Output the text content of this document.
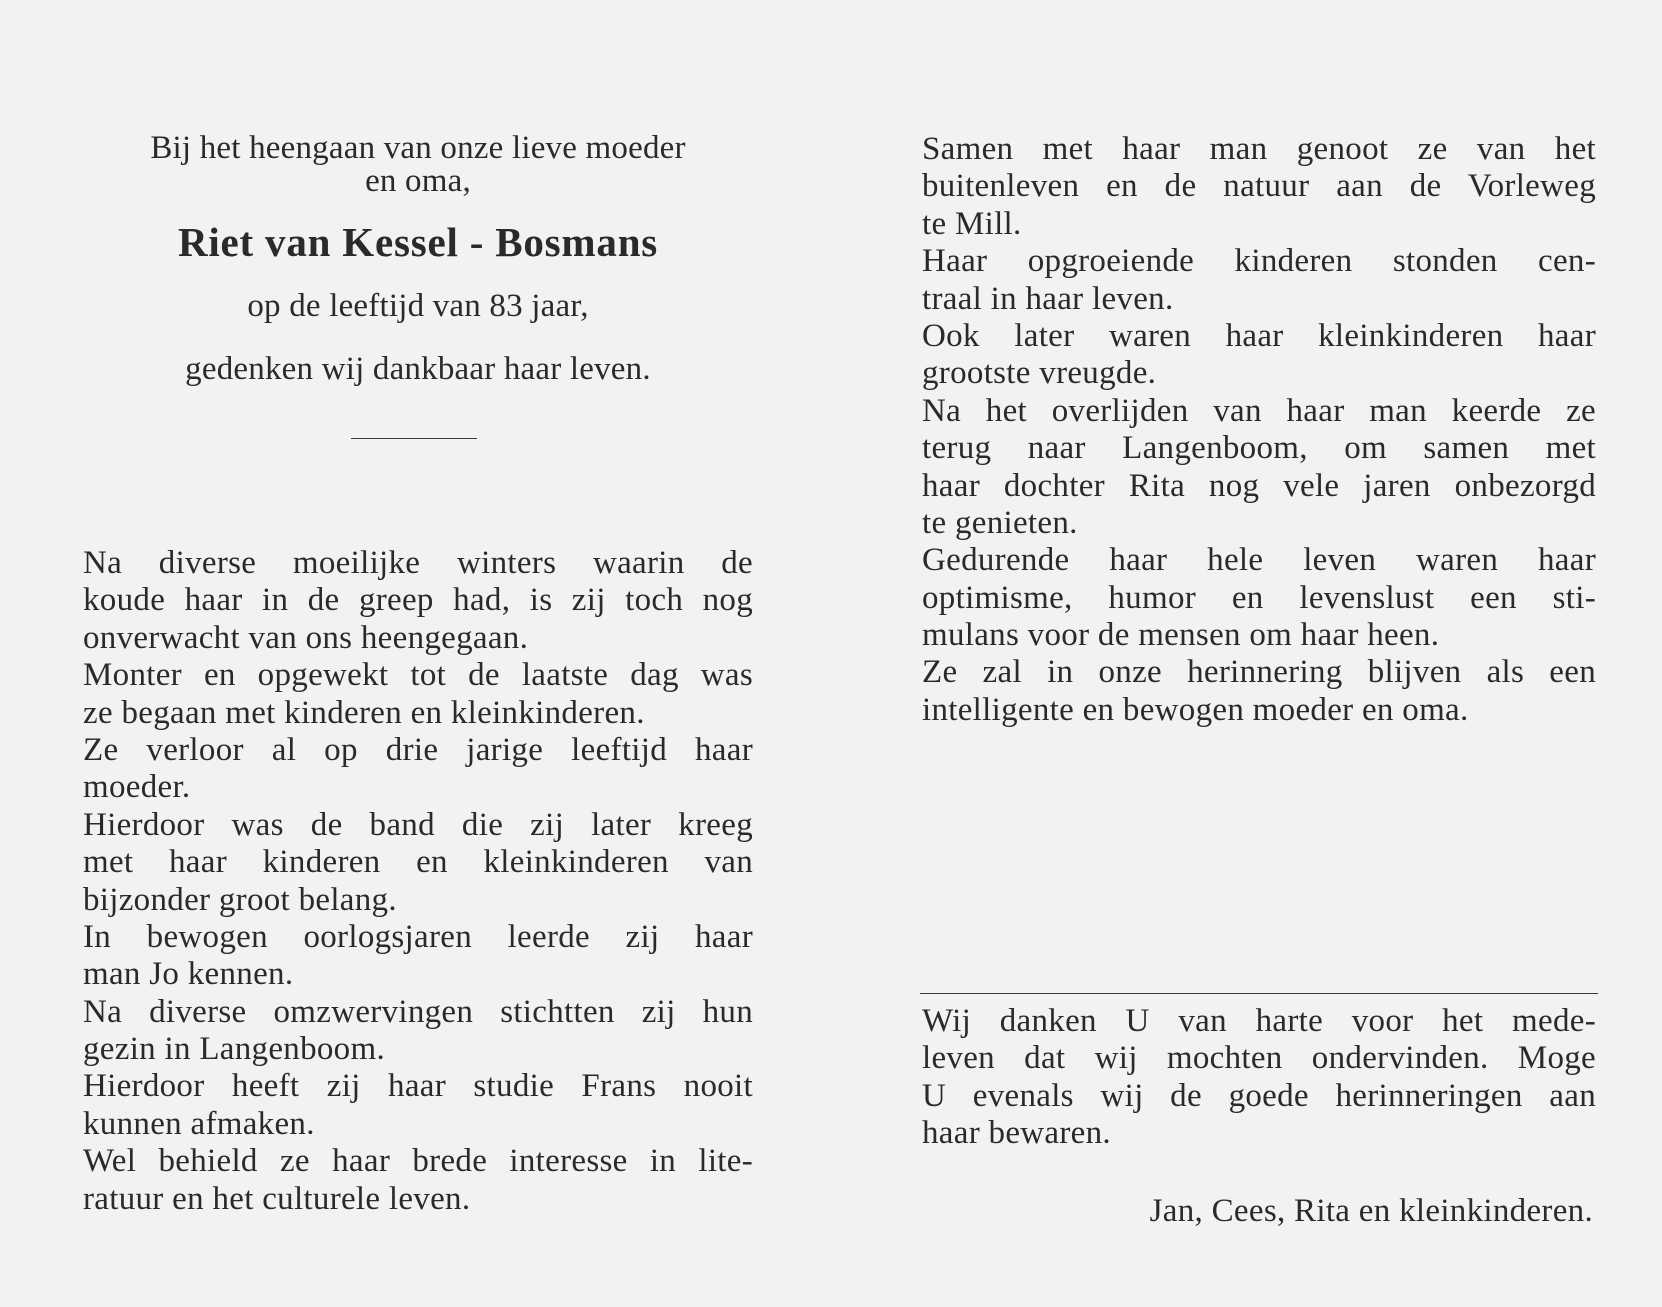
Bij het heengaan van onze lieve moeder
en oma,
Riet van Kessel - Bosmans
op de leeftijd van 83 jaar,
gedenken wij dankbaar haar leven.
Na diverse moeilijke winters waarin de
koude haar in de greep had, is zij toch nog
onverwacht van ons heengegaan.
Monter en opgewekt tot de laatste dag was
ze begaan met kinderen en kleinkinderen.
Ze verloor al op drie jarige leeftijd haar
moeder.
Hierdoor was de band die zij later kreeg
met haar kinderen en kleinkinderen van
bijzonder groot belang.
In bewogen oorlogsjaren leerde zij haar
man Jo kennen.
Na diverse omzwervingen stichtten zij hun
gezin in Langenboom.
Hierdoor heeft zij haar studie Frans nooit
kunnen afmaken.
Wel behield ze haar brede interesse in lite-
ratuur en het culturele leven.
Samen met haar man genoot ze van het
buitenleven en de natuur aan de Vorleweg
te Mill.
Haar opgroeiende kinderen stonden cen-
traal in haar leven.
Ook later waren haar kleinkinderen haar
grootste vreugde.
Na het overlijden van haar man keerde ze
terug naar Langenboom, om samen met
haar dochter Rita nog vele jaren onbezorgd
te genieten.
Gedurende haar hele leven waren haar
optimisme, humor en levenslust een sti-
mulans voor de mensen om haar heen.
Ze zal in onze herinnering blijven als een
intelligente en bewogen moeder en oma.
Wij danken U van harte voor het mede-
leven dat wij mochten ondervinden. Moge
U evenals wij de goede herinneringen aan
haar bewaren.
Jan, Cees, Rita en kleinkinderen.
